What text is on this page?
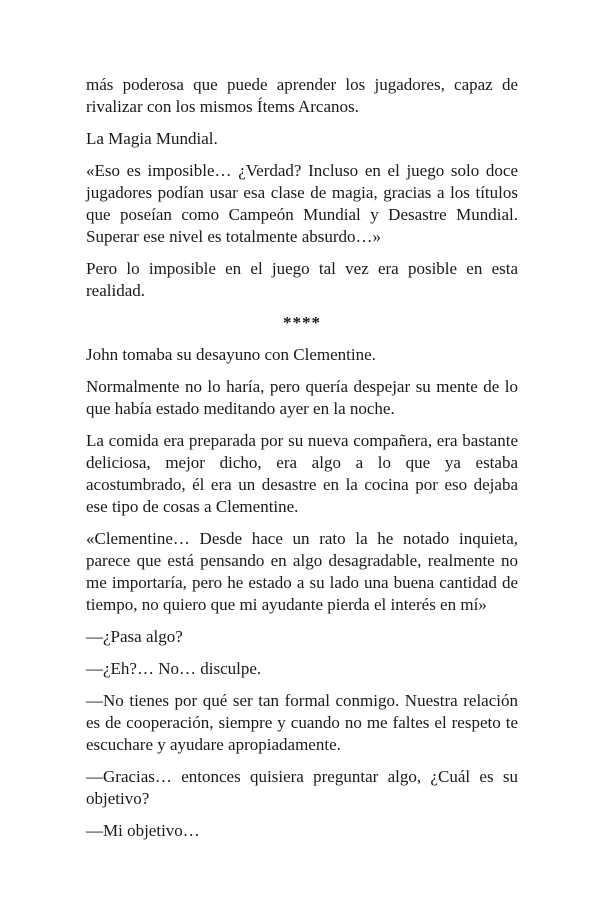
más poderosa que puede aprender los jugadores, capaz de rivalizar con los mismos Ítems Arcanos.

La Magia Mundial.

«Eso es imposible… ¿Verdad? Incluso en el juego solo doce jugadores podían usar esa clase de magia, gracias a los títulos que poseían como Campeón Mundial y Desastre Mundial. Superar ese nivel es totalmente absurdo…»

Pero lo imposible en el juego tal vez era posible en esta realidad.

****

John tomaba su desayuno con Clementine.

Normalmente no lo haría, pero quería despejar su mente de lo que había estado meditando ayer en la noche.

La comida era preparada por su nueva compañera, era bastante deliciosa, mejor dicho, era algo a lo que ya estaba acostumbrado, él era un desastre en la cocina por eso dejaba ese tipo de cosas a Clementine.

«Clementine… Desde hace un rato la he notado inquieta, parece que está pensando en algo desagradable, realmente no me importaría, pero he estado a su lado una buena cantidad de tiempo, no quiero que mi ayudante pierda el interés en mí»

—¿Pasa algo?

—¿Eh?… No… disculpe.

—No tienes por qué ser tan formal conmigo. Nuestra relación es de cooperación, siempre y cuando no me faltes el respeto te escuchare y ayudare apropiadamente.

—Gracias… entonces quisiera preguntar algo, ¿Cuál es su objetivo?

—Mi objetivo…
